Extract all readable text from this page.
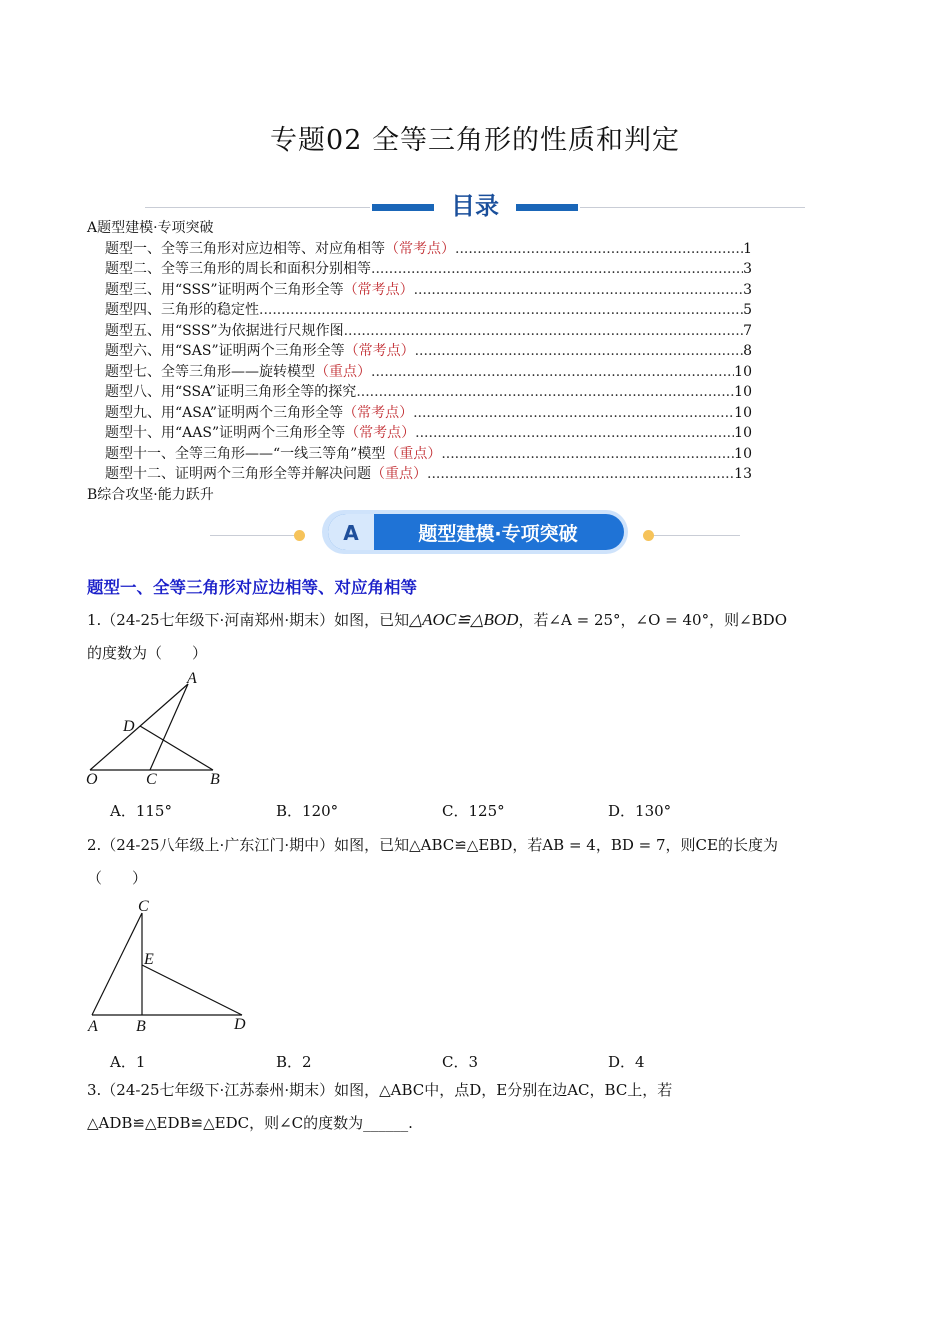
专题02 全等三角形的性质和判定
目录
A题型建模·专项突破
题型一、全等三角形对应边相等、对应角相等 （常考点） .....	1
题型二、全等三角形的周长和面积分别相等 .....	3
题型三、用“SSS”证明两个三角形全等 （常考点） .....	3
题型四、三角形的稳定性 .....	5
题型五、用“SSS”为依据进行尺规作图 .....	7
题型六、用“SAS”证明两个三角形全等 （常考点） .....	8
题型七、全等三角形——旋转模型 （重点） .....	10
题型八、用“SSA”证明三角形全等的探究 .....	10
题型九、用“ASA”证明两个三角形全等 （常考点） .....	10
题型十、用“AAS”证明两个三角形全等 （常考点） .....	10
题型十一、全等三角形——“一线三等角”模型 （重点） .....	10
题型十二、证明两个三角形全等并解决问题 （重点） .....	13
B综合攻坚·能力跃升
A	题型建模·专项突破
题型一、全等三角形对应边相等、对应角相等
1.（24-25七年级下·河南郑州·期末）如图，已知△AOC≌△BOD，若∠A = 25°，∠O = 40°，则∠BDO
的度数为（　　）
A
D
O	C	B
A．115°	B．120°	C．125°	D．130°
2.（24-25八年级上·广东江门·期中）如图，已知△ABC≌△EBD，若AB = 4，BD = 7，则CE的长度为
（　　）
C
E
A B	D
A．1	B．2	C．3	D．4
3.（24-25七年级下·江苏泰州·期末）如图，△ABC中，点D，E分别在边AC，BC上，若
△ADB≌△EDB≌△EDC，则∠C的度数为______.
